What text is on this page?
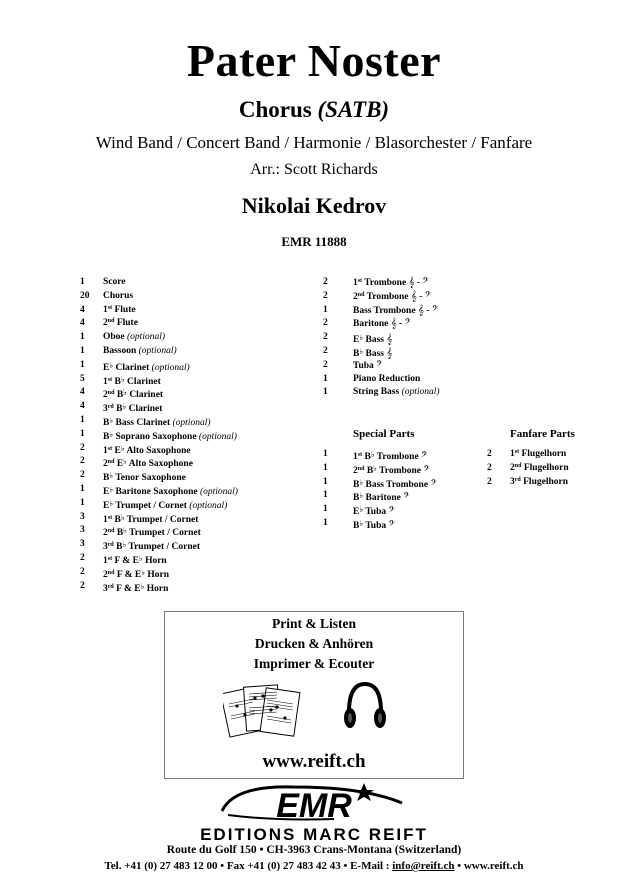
Pater Noster
Chorus (SATB)
Wind Band / Concert Band / Harmonie / Blasorchester / Fanfare
Arr.: Scott Richards
Nikolai Kedrov
EMR 11888
1 Score
20 Chorus
4 1st Flute
4 2nd Flute
1 Oboe (optional)
1 Bassoon (optional)
1 E♭ Clarinet (optional)
5 1st B♭ Clarinet
4 2nd B♭ Clarinet
4 3rd B♭ Clarinet
1 B♭ Bass Clarinet (optional)
1 B♭ Soprano Saxophone (optional)
2 1st E♭ Alto Saxophone
2 2nd E♭ Alto Saxophone
2 B♭ Tenor Saxophone
1 E♭ Baritone Saxophone (optional)
1 E♭ Trumpet / Cornet (optional)
3 1st B♭ Trumpet / Cornet
3 2nd B♭ Trumpet / Cornet
3 3rd B♭ Trumpet / Cornet
2 1st F & E♭ Horn
2 2nd F & E♭ Horn
2 3rd F & E♭ Horn
2	1st Trombone 𝄞 - 𝄢
2	2nd Trombone 𝄞 - 𝄢
1	Bass Trombone 𝄞 - 𝄢
2	Baritone 𝄞 - 𝄢
2	E♭ Bass 𝄞
2	B♭ Bass 𝄞
2	Tuba 𝄢
1	Piano Reduction
1	String Bass (optional)
Special Parts
1	1st B♭ Trombone 𝄢
1	2nd B♭ Trombone 𝄢
1	B♭ Bass Trombone 𝄢
1	B♭ Baritone 𝄢
1	E♭ Tuba 𝄢
1	B♭ Tuba 𝄢
Fanfare Parts
2 1st Flugelhorn
2 2nd Flugelhorn
2 3rd Flugelhorn
Print & Listen
Drucken & Anhören
Imprimer & Ecouter
www.reift.ch
EMR
EDITIONS MARC REIFT
Route du Golf 150 • CH-3963 Crans-Montana (Switzerland)
Tel. +41 (0) 27 483 12 00 • Fax +41 (0) 27 483 42 43 • E-Mail : info@reift.ch • www.reift.ch
